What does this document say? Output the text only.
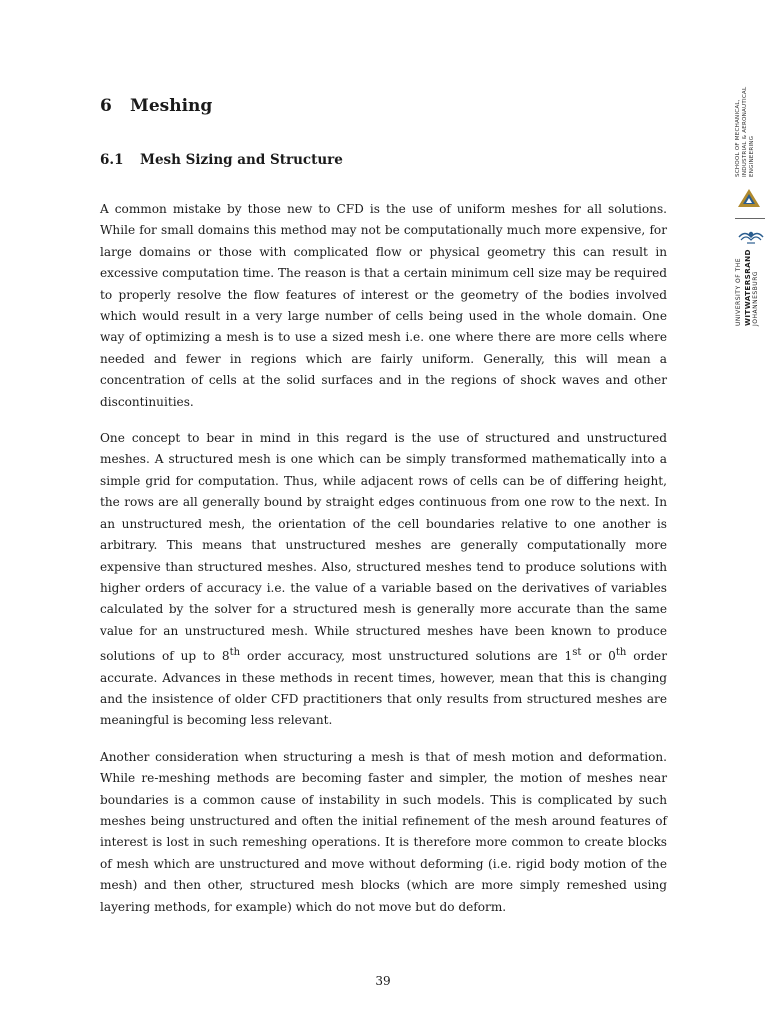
6 Meshing
6.1 Mesh Sizing and Structure

A common mistake by those new to CFD is the use of uniform meshes for all solutions. While for small domains this method may not be computationally much more expensive, for large domains or those with complicated flow or physical geometry this can result in excessive computation time. The reason is that a certain minimum cell size may be required to properly resolve the flow features of interest or the geometry of the bodies involved which would result in a very large number of cells being used in the whole domain. One way of optimizing a mesh is to use a sized mesh i.e. one where there are more cells where needed and fewer in regions which are fairly uniform. Generally, this will mean a concentration of cells at the solid surfaces and in the regions of shock waves and other discontinuities.

One concept to bear in mind in this regard is the use of structured and unstructured meshes. A structured mesh is one which can be simply transformed mathematically into a simple grid for computation. Thus, while adjacent rows of cells can be of differing height, the rows are all generally bound by straight edges continuous from one row to the next. In an unstructured mesh, the orientation of the cell boundaries relative to one another is arbitrary. This means that unstructured meshes are generally computationally more expensive than structured meshes. Also, structured meshes tend to produce solutions with higher orders of accuracy i.e. the value of a variable based on the derivatives of variables calculated by the solver for a structured mesh is generally more accurate than the same value for an unstructured mesh. While structured meshes have been known to produce solutions of up to 8th order accuracy, most unstructured solutions are 1st or 0th order accurate. Advances in these methods in recent times, however, mean that this is changing and the insistence of older CFD practitioners that only results from structured meshes are meaningful is becoming less relevant.

Another consideration when structuring a mesh is that of mesh motion and deformation. While re-meshing methods are becoming faster and simpler, the motion of meshes near boundaries is a common cause of instability in such models. This is complicated by such meshes being unstructured and often the initial refinement of the mesh around features of interest is lost in such remeshing operations. It is therefore more common to create blocks of mesh which are unstructured and move without deforming (i.e. rigid body motion of the mesh) and then other, structured mesh blocks (which are more simply remeshed using layering methods, for example) which do not move but do deform.

39
SCHOOL OF MECHANICAL, INDUSTRIAL & AERONAUTICAL ENGINEERING
UNIVERSITY OF THE WITWATERSRAND JOHANNESBURG
